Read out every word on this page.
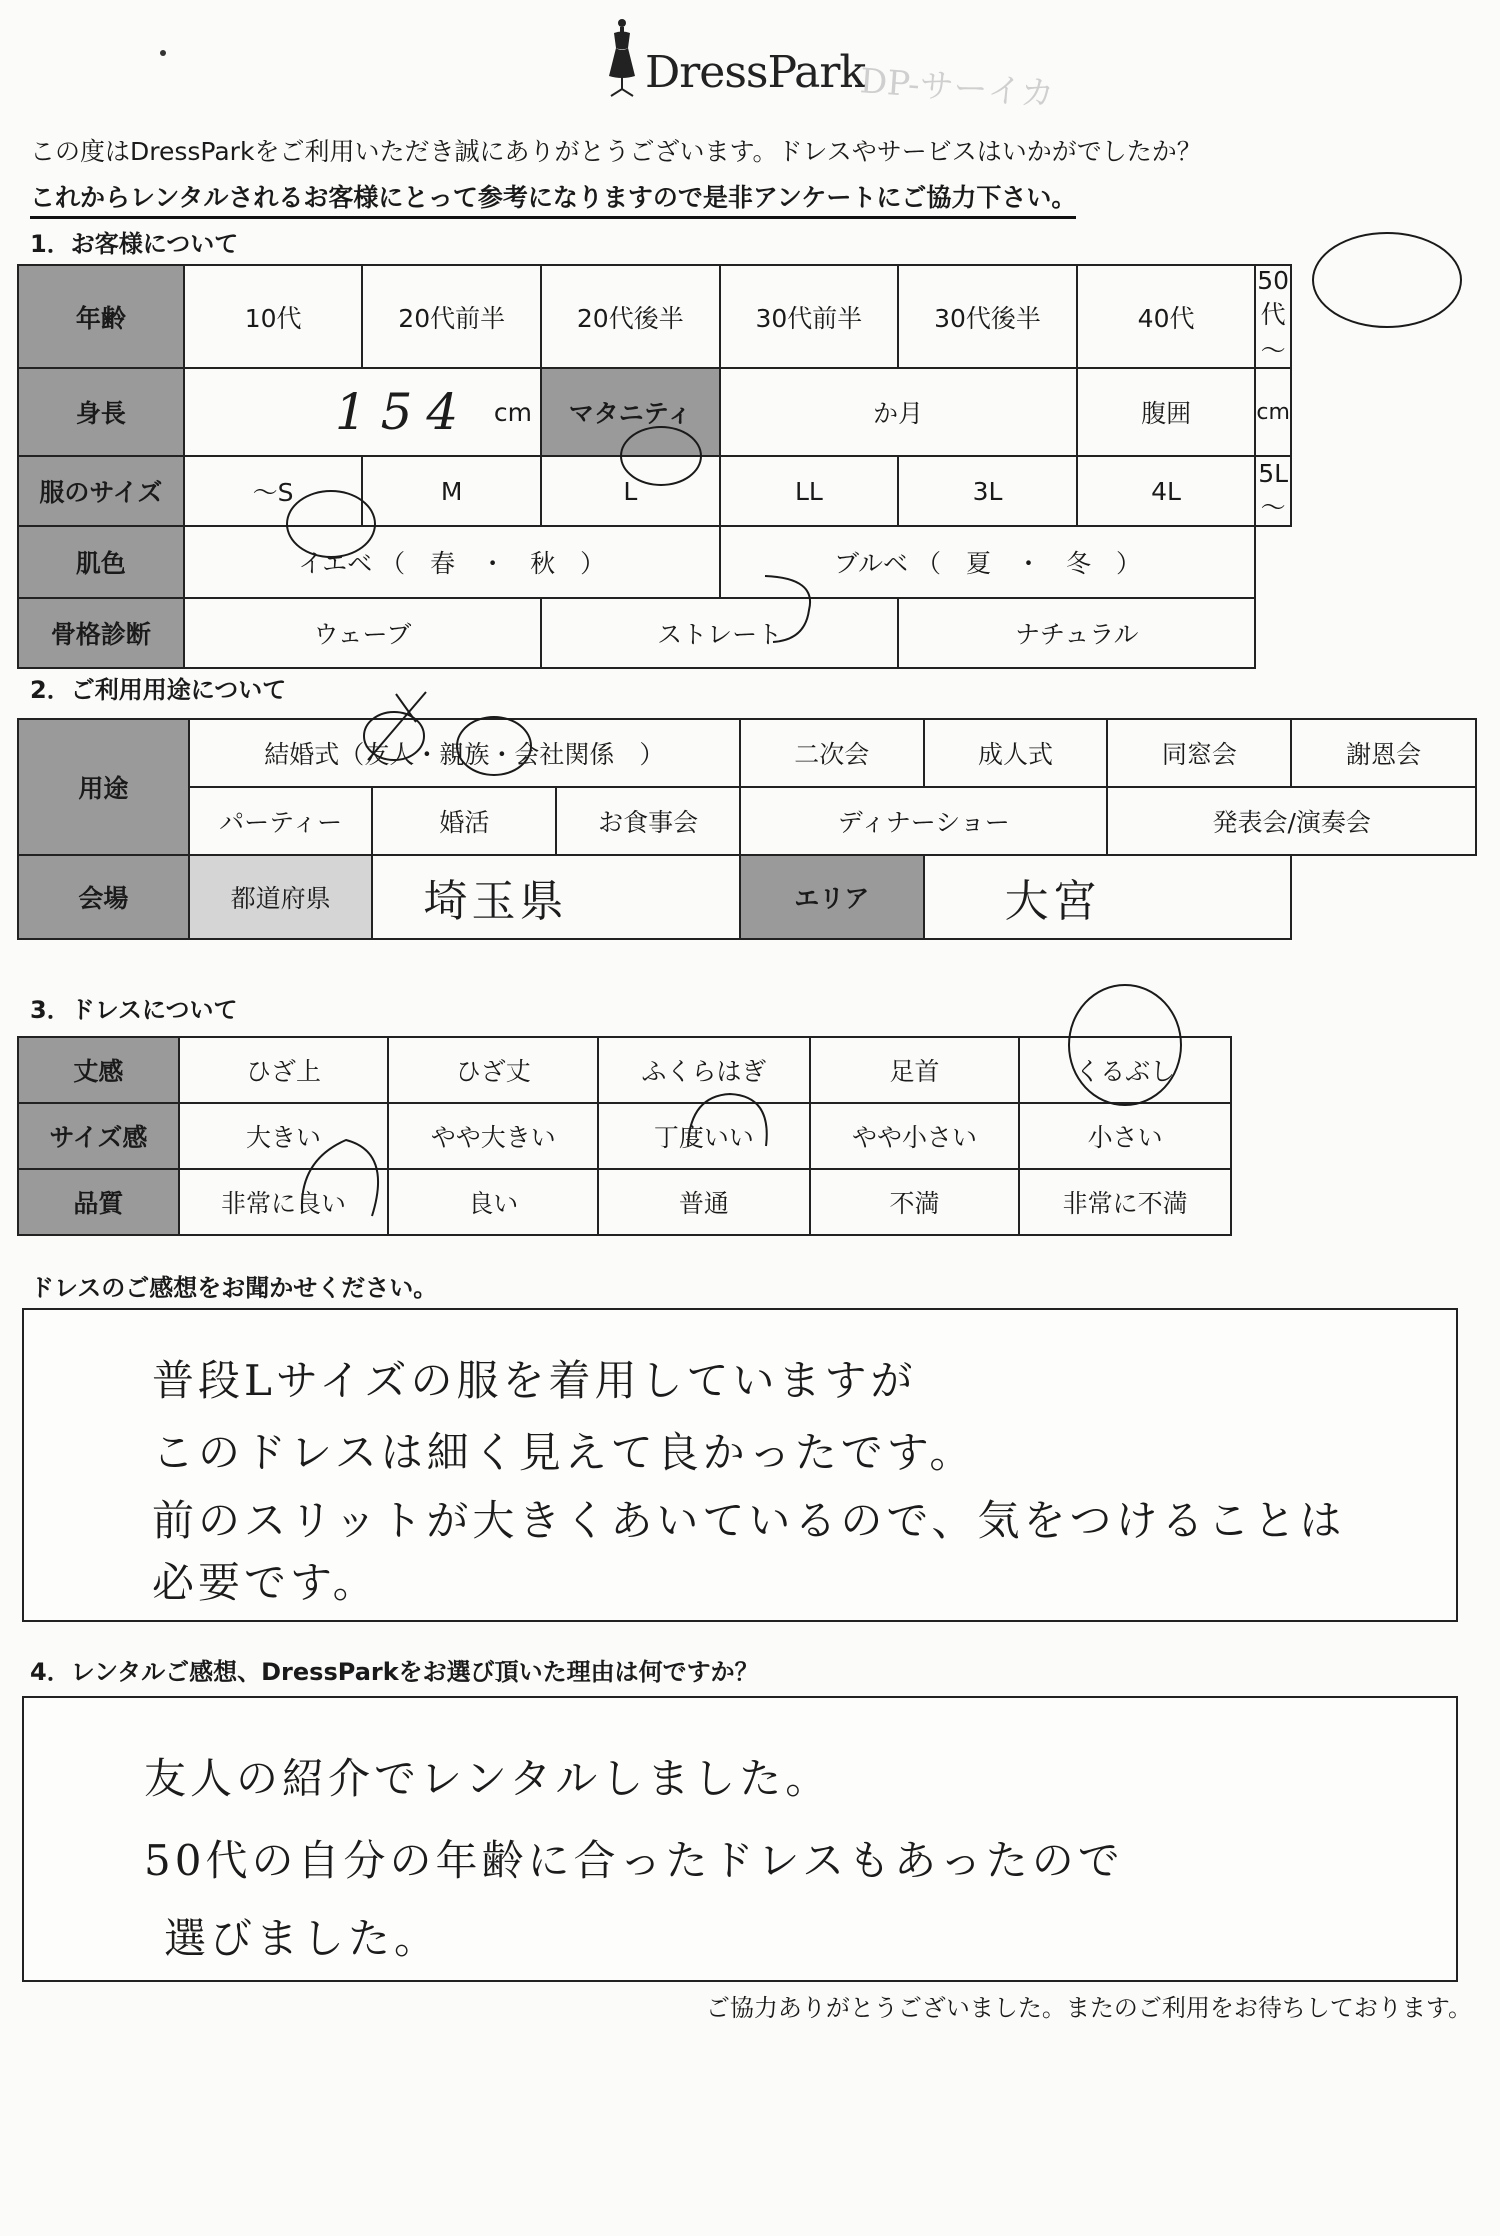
DressPark
DP-サーイカ
この度はDressParkをご利用いただき誠にありがとうございます。ドレスやサービスはいかがでしたか？
これからレンタルされるお客様にとって参考になりますので是非アンケートにご協力下さい。
1．お客様について
年齢	10代	20代前半	20代後半	30代前半	30代後半	40代	50代～
身長	154 cm		マタニティ	か月		腹囲	cm
服のサイズ	～S	M	L	LL	3L	4L	5L～
肌色	イエベ （　春　・　秋　）			ブルベ （　夏　・　冬　）			
骨格診断	ウェーブ		ストレート		ナチュラル		
2．ご利用用途について
用途	結婚式（友人・親族・会社関係　）			二次会	成人式	同窓会	謝恩会
	パーティー	婚活	お食事会	ディナーショー		発表会/演奏会	
会場	都道府県	埼玉県		エリア	大宮		
3．ドレスについて
丈感	ひざ上	ひざ丈	ふくらはぎ	足首	くるぶし
サイズ感	大きい	やや大きい	丁度いい	やや小さい	小さい
品質	非常に良い	良い	普通	不満	非常に不満
ドレスのご感想をお聞かせください。
普段Lサイズの服を着用していますが
このドレスは細く見えて良かったです。
前のスリットが大きくあいているので、気をつけることは
必要です。
4．レンタルご感想、DressParkをお選び頂いた理由は何ですか？
友人の紹介でレンタルしました。
50代の自分の年齢に合ったドレスもあったので
選びました。
ご協力ありがとうございました。またのご利用をお待ちしております。
